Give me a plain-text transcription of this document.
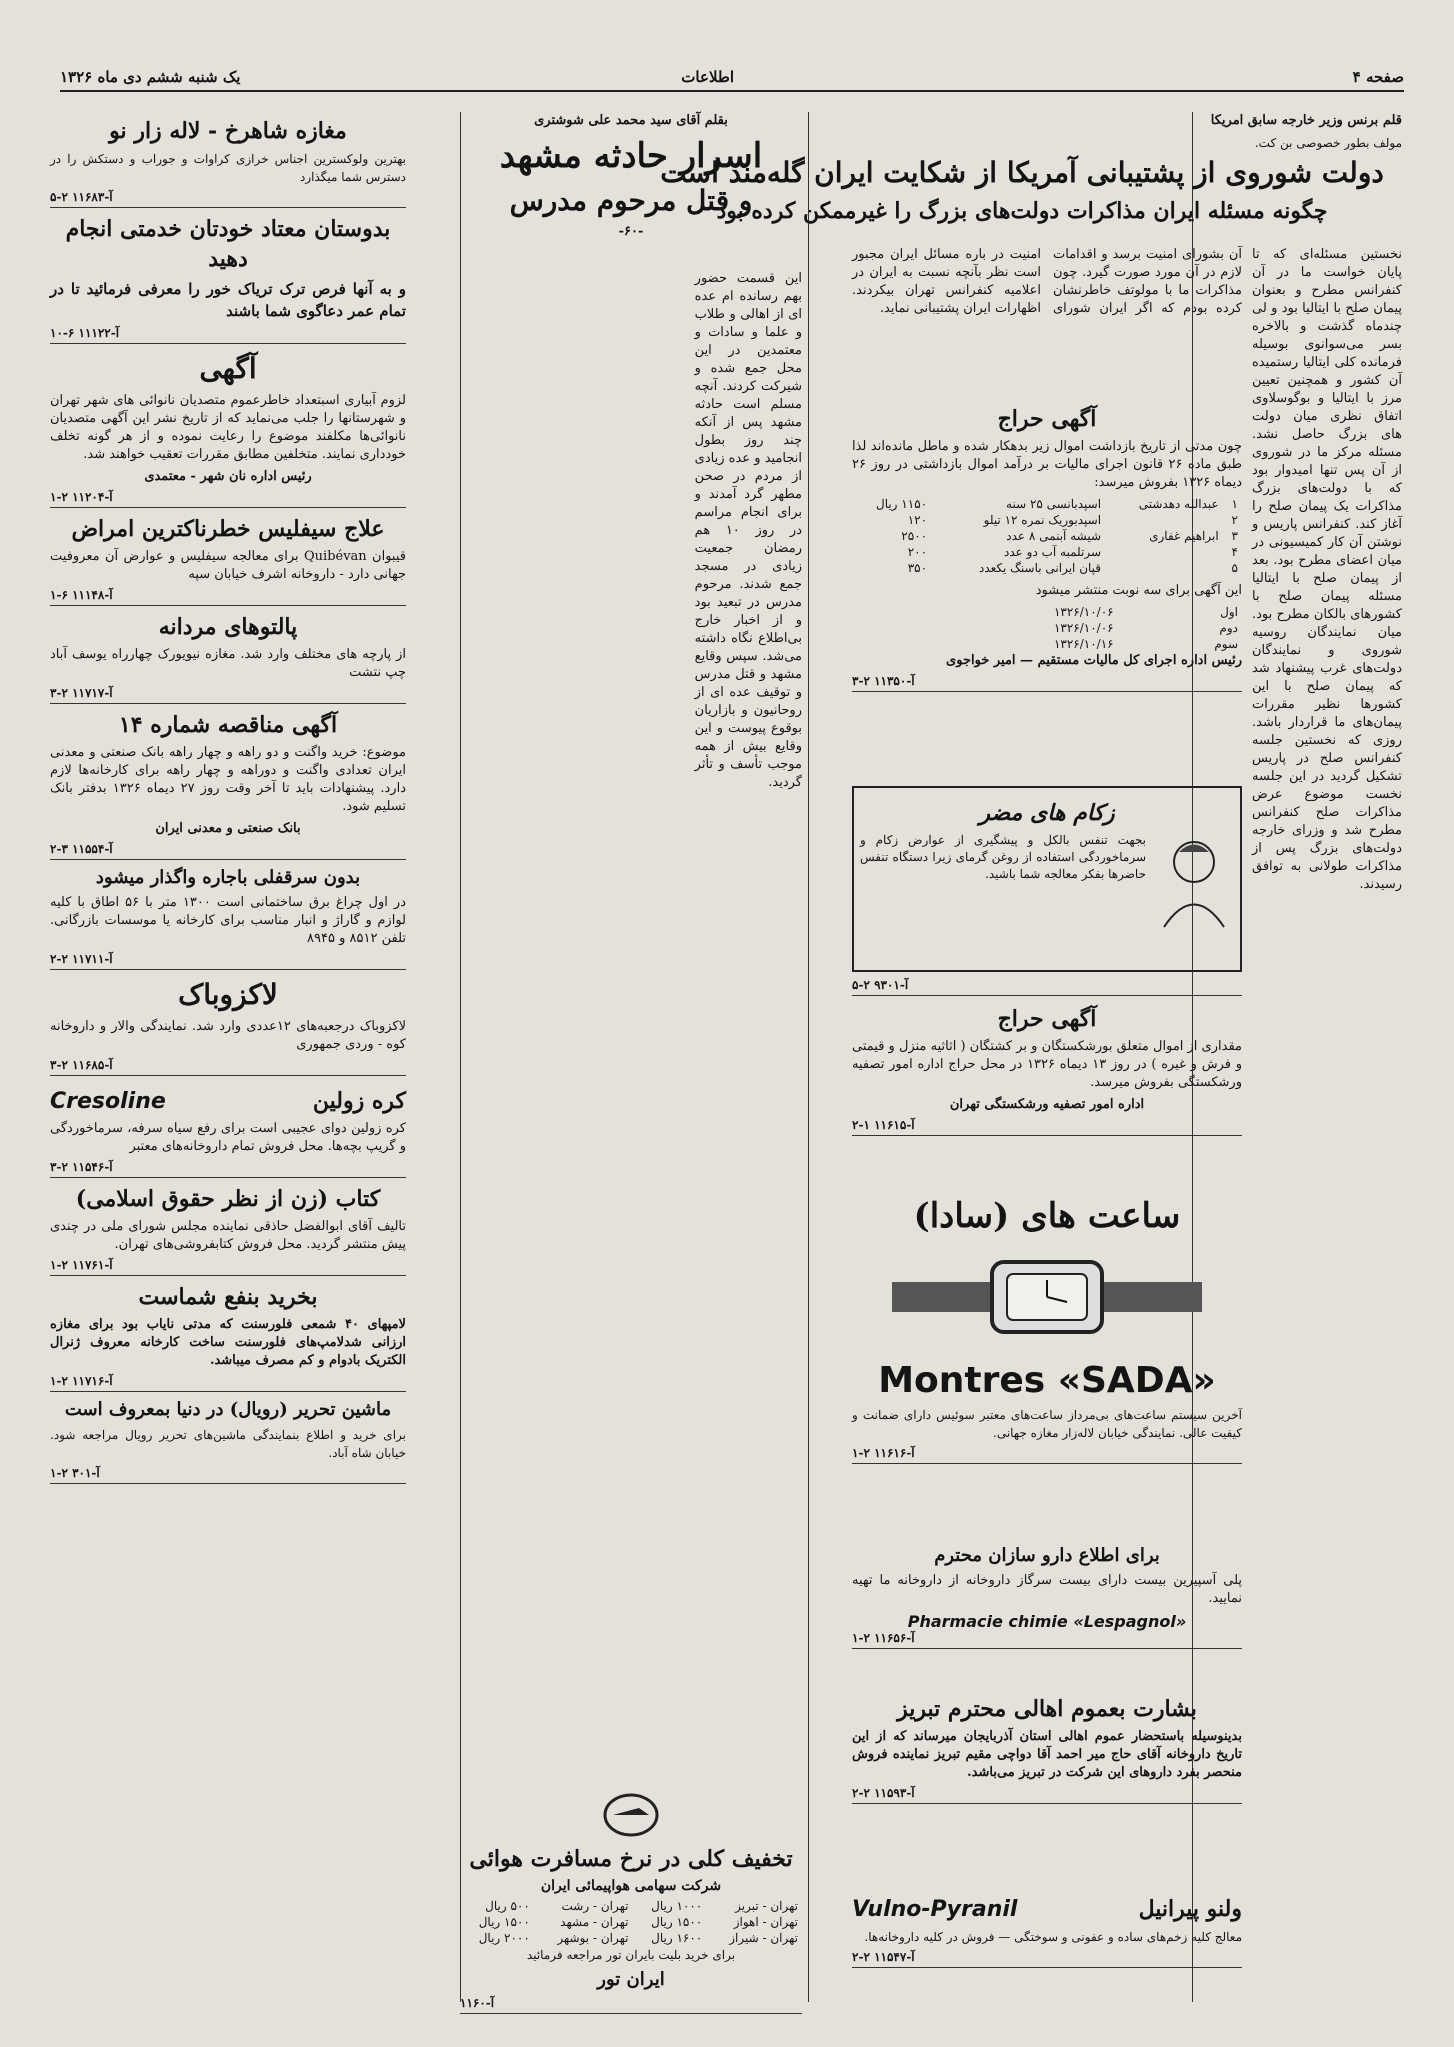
صفحه ۴
اطلاعات
یک شنبه ششم دی ماه ۱۳۲۶

قلم برنس وزیر خارجه سابق امریکا

مولف بطور خصوصی بن کت.

دولت شوروی از پشتیبانی آمریکا از شکایت ایران گله‌مند است
چگونه مسئله ایران مذاکرات دولت‌های بزرگ را غیرممکن کرده بود

نخستین مسئله‌ای که تا پایان خواست ما در آن کنفرانس مطرح و بعنوان پیمان صلح با ایتالیا بود و لی چندماه گذشت و بالاخره بسر می‌سوانوی بوسیله فرمانده کلی ایتالیا رستمیده آن کشور و همچنین تعیین مرز با ایتالیا و بوگوسلاوی اتفاق نظری میان دولت های بزرگ حاصل نشد. مسئله مرکز ما در شوروی از آن پس تنها امیدوار بود که با دولت‌های بزرگ مذاکرات یک پیمان صلح را آغاز کند. کنفرانس پاریس و نوشتن آن کار کمیسیونی در میان اعضای مطرح بود. بعد از پیمان صلح با ایتالیا مسئله پیمان صلح با کشورهای بالکان مطرح بود. میان نمایندگان روسیه شوروی و نمایندگان دولت‌های غرب پیشنهاد شد که پیمان صلح با این کشورها نظیر مقررات پیمان‌های ما قراردار باشد. روزی که نخستین جلسه کنفرانس صلح در پاریس تشکیل گردید در این جلسه نخست موضوع عرض مذاکرات صلح کنفرانس مطرح شد و وزرای خارجه دولت‌های بزرگ پس از مذاکرات طولانی به توافق رسیدند.

آن بشورای امنیت برسد و اقدامات لازم در آن مورد صورت گیرد. چون مذاکرات ما با مولوتف خاطرنشان کرده بودم که اگر ایران شورای امنیت در باره مسائل ایران مجبور است نظر بآنچه نسبت به ایران در اعلامیه کنفرانس تهران بیکردند. اظهارات ایران پشتیبانی نماید.

آگهی حراج

چون مدتی از تاریخ بازداشت اموال زیر بدهکار شده و ماطل مانده‌اند لذا طبق ماده ۲۶ قانون اجرای مالیات بر درآمد اموال بازداشتی در روز ۲۶ دیماه ۱۳۲۶ بفروش میرسد:

۱	عبدالله دهدشتی	اسپدبانسی ۲۵ سنه	۱۱۵۰ ریال
۲		اسپدبوریک نمره ۱۲ تیلو	۱۲۰
۳	ابراهیم غفاری	شیشه آبنمی ۸ عدد	۲۵۰۰
۴		سرتلمبه آب دو عدد	۲۰۰
۵		قپان ایرانی باسنگ یکعدد	۳۵۰

این آگهی برای سه نوبت منتشر میشود

اول	۱۳۲۶/۱۰/۰۶
دوم	۱۳۲۶/۱۰/۰۶
سوم	۱۳۲۶/۱۰/۱۶

رئیس اداره اجرای کل مالیات مستقیم — امیر خواجوی

آ-۱۱۳۵۰ ۲-۳
زکام های مضر

بجهت تنفس بالکل و پیشگیری از عوارض زکام و سرماخوردگی استفاده از روغن گرمای زیرا دستگاه تنفس حاضرها بفکر معالجه شما باشید.

آ-۹۳۰۱ ۲-۵
آگهی حراج

مقداری از اموال متعلق بورشکستگان و بر کشتگان ( اثاثیه منزل و قیمتی و فرش و غیره ) در روز ۱۳ دیماه ۱۳۲۶ در محل حراج اداره امور تصفیه ورشکستگی بفروش میرسد.

اداره امور تصفیه ورشکستگی تهران

آ-۱۱۶۱۵ ۱-۲
ساعت های (سادا)
Montres «SADA»

آخرین سیستم ساعت‌های بی‌مرداز ساعت‌های معتبر سوئیس دارای ضمانت و کیفیت عالی. نمایندگی خیابان لاله‌زار مغازه جهانی.

آ-۱۱۶۱۶ ۲-۱
برای اطلاع دارو سازان محترم

پلی آسپیرین بیست دارای بیست سرگاز داروخانه از داروخانه ما تهیه نمایید.

Pharmacie chimie «Lespagnol»
آ-۱۱۶۵۶ ۲-۱
بشارت بعموم اهالی محترم تبریز

بدینوسیله باستحضار عموم اهالی استان آذربایجان میرساند که از این تاریخ داروخانه آقای حاج میر احمد آقا دواچی مقیم تبریز نماینده فروش منحصر بفرد داروهای این شرکت در تبریز می‌باشد.

آ-۱۱۵۹۳ ۲-۲
Vulno-Pyranil	ولنو پیرانیل

معالج کلیه زخم‌های ساده و عفونی و سوختگی — فروش در کلیه داروخانه‌ها.

آ-۱۱۵۴۷ ۲-۲

بقلم آقای سید محمد علی شوشتری

اسرار حادثه مشهد
و قتل مرحوم مدرس
-۶۰-

این قسمت حضور بهم رسانده ام عده ای از اهالی و طلاب و علما و سادات و معتمدین در این محل جمع شده و شیرکت کردند. آنچه مسلم است حادثه مشهد پس از آنکه چند روز بطول انجامید و عده زیادی از مردم در صحن مطهر گرد آمدند و برای انجام مراسم در روز ۱۰ هم رمضان جمعیت زیادی در مسجد جمع شدند. مرحوم مدرس در تبعید بود و از اخبار خارج بی‌اطلاع نگاه داشته می‌شد. سپس وقایع مشهد و قتل مدرس و توقیف عده ای از روحانیون و بازاریان بوقوع پیوست و این وقایع بیش از همه موجب تأسف و تأثر گردید.

تخفیف کلی در نرخ مسافرت هوائی
شرکت سهامی هواپیمائی ایران
تهران - تبریز	۱۰۰۰ ریال	تهران - رشت	۵۰۰ ریال
تهران - اهواز	۱۵۰۰ ریال	تهران - مشهد	۱۵۰۰ ریال
تهران - شیراز	۱۶۰۰ ریال	تهران - بوشهر	۲۰۰۰ ریال

برای خرید بلیت بایران تور مراجعه فرمائید

ایران تور
آ-۱۱۶۰
مغازه شاهرخ - لاله زار نو

بهترین ولوکسترین اجناس خرازی کراوات و جوراب و دستکش را در دسترس شما میگذارد

آ-۱۱۶۸۳ ۲-۵
بدوستان معتاد خودتان خدمتی انجام دهید

و به آنها فرص ترک تریاک خور را معرفی فرمائید تا در تمام عمر دعاگوی شما باشند

آ-۱۱۱۲۲ ۶-۱۰
آگهی

لزوم آبیاری اسبتعداد خاطرعموم متصدیان نانوائی های شهر تهران و شهرستانها را جلب می‌نماید که از تاریخ نشر این آگهی متصدیان نانوائی‌ها مکلفند موضوع را رعایت نموده و از هر گونه تخلف خودداری نمایند. متخلفین مطابق مقررات تعقیب خواهند شد.

رئیس اداره نان شهر - معتمدی

آ-۱۱۲۰۴ ۲-۱
علاج سیفلیس خطرناکترین امراض

قیبوان Quibévan برای معالجه سیفلیس و عوارض آن معروفیت جهانی دارد - داروخانه اشرف خیابان سپه

آ-۱۱۱۴۸ ۶-۱
پالتوهای مردانه

از پارچه های مختلف وارد شد. مغازه نیویورک چهارراه یوسف آباد چپ نتشت

آ-۱۱۷۱۷ ۲-۳
آگهی مناقصه شماره ۱۴

موضوع: خرید واگنت و دو راهه و چهار راهه بانک صنعتی و معدنی ایران تعدادی واگنت و دوراهه و چهار راهه برای کارخانه‌ها لازم دارد. پیشنهادات باید تا آخر وقت روز ۲۷ دیماه ۱۳۲۶ بدفتر بانک تسلیم شود.

بانک صنعتی و معدنی ایران

آ-۱۱۵۵۴ ۳-۲
بدون سرقفلی باجاره واگذار میشود

در اول چراغ برق ساختمانی است ۱۳۰۰ متر با ۵۶ اطاق با کلیه لوازم و گاراژ و انبار مناسب برای کارخانه یا موسسات بازرگانی. تلفن ۸۵۱۲ و ۸۹۴۵

آ-۱۱۷۱۱ ۲-۲
لاکزوباک

لاکزوباک درجعبه‌های ۱۲عددی وارد شد. نمایندگی والار و داروخانه کوه - وردی جمهوری

آ-۱۱۶۸۵ ۲-۳
Cresoline	کره زولین

کره زولین دوای عجیبی است برای رفع سیاه سرفه، سرماخوردگی و گریپ بچه‌ها. محل فروش تمام داروخانه‌های معتبر

آ-۱۱۵۴۶ ۲-۳
کتاب (زن از نظر حقوق اسلامی)

تالیف آقای ابوالفضل حاذقی نماینده مجلس شورای ملی در چندی پیش منتشر گردید. محل فروش کتابفروشی‌های تهران.

آ-۱۱۷۶۱ ۲-۱
بخرید بنفع شماست

لامپهای ۴۰ شمعی فلورسنت که مدتی نایاب بود برای مغازه ارزانی شدلامپ‌های فلورسنت ساخت کارخانه معروف ژنرال الکتریک بادوام و کم مصرف میباشد.

آ-۱۱۷۱۶ ۲-۱
ماشین تحریر (رویال) در دنیا بمعروف است

برای خرید و اطلاع بنمایندگی ماشین‌های تحریر رویال مراجعه شود. خیابان شاه آباد.

آ-۳۰۱ ۲-۱
